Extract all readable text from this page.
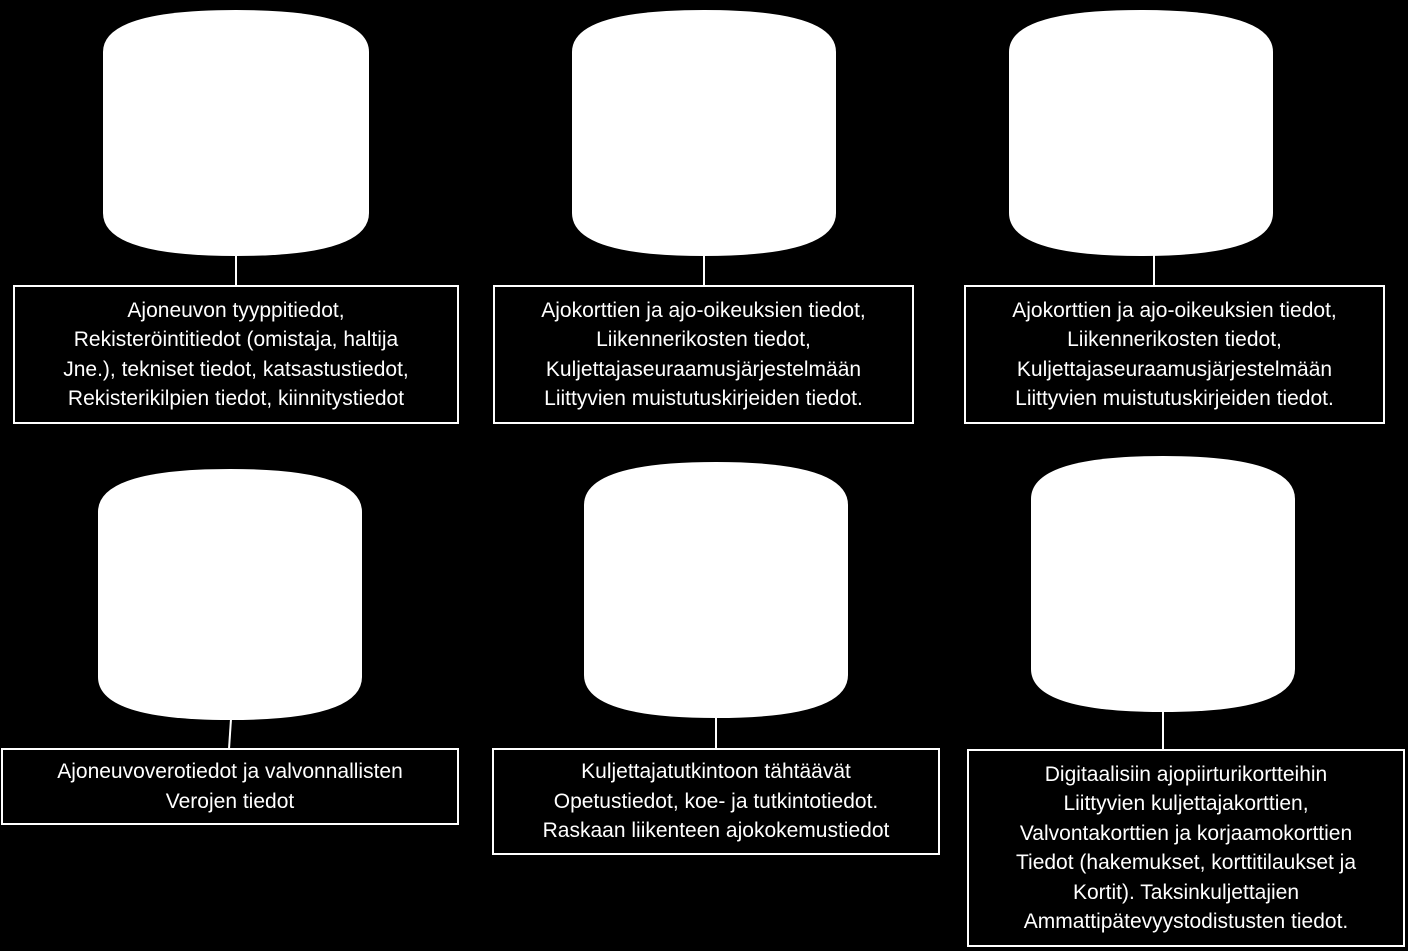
Ajoneuvon tyyppitiedot,
Rekisteröintitiedot (omistaja, haltija
Jne.), tekniset tiedot, katsastustiedot,
Rekisterikilpien tiedot, kiinnitystiedot
Ajokorttien ja ajo-oikeuksien tiedot,
Liikennerikosten tiedot,
Kuljettajaseuraamusjärjestelmään
Liittyvien muistutuskirjeiden tiedot.
Ajokorttien ja ajo-oikeuksien tiedot,
Liikennerikosten tiedot,
Kuljettajaseuraamusjärjestelmään
Liittyvien muistutuskirjeiden tiedot.
Ajoneuvoverotiedot ja valvonnallisten
Verojen tiedot
Kuljettajatutkintoon tähtäävät
Opetustiedot, koe- ja tutkintotiedot.
Raskaan liikenteen ajokokemustiedot
Digitaalisiin ajopiirturikortteihin
Liittyvien kuljettajakorttien,
Valvontakorttien ja korjaamokorttien
Tiedot (hakemukset, korttitilaukset ja
Kortit). Taksinkuljettajien
Ammattipätevyystodistusten tiedot.
